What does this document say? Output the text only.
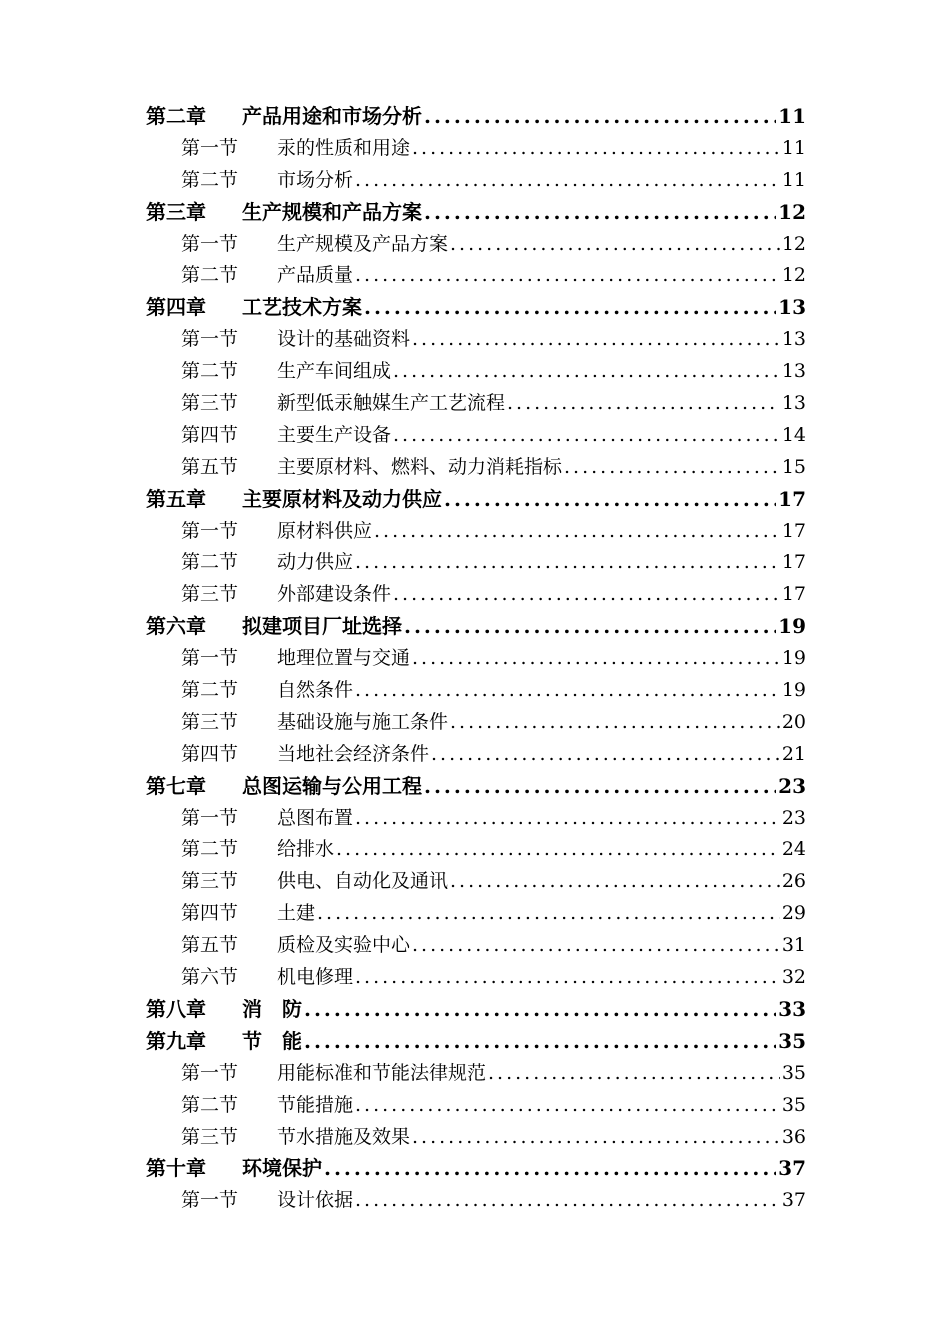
第二章	产品用途和市场分析 .....	11
第一节	汞的性质和用途 .....	11
第二节	市场分析 .....	11
第三章	生产规模和产品方案 .....	12
第一节	生产规模及产品方案 .....	12
第二节	产品质量 .....	12
第四章	工艺技术方案 .....	13
第一节	设计的基础资料 .....	13
第二节	生产车间组成 .....	13
第三节	新型低汞触媒生产工艺流程 .....	13
第四节	主要生产设备 .....	14
第五节	主要原材料、燃料、动力消耗指标 .....	15
第五章	主要原材料及动力供应 .....	17
第一节	原材料供应 .....	17
第二节	动力供应 .....	17
第三节	外部建设条件 .....	17
第六章	拟建项目厂址选择 .....	19
第一节	地理位置与交通 .....	19
第二节	自然条件 .....	19
第三节	基础设施与施工条件 .....	20
第四节	当地社会经济条件 .....	21
第七章	总图运输与公用工程 .....	23
第一节	总图布置 .....	23
第二节	给排水 .....	24
第三节	供电、自动化及通讯 .....	26
第四节	土建 .....	29
第五节	质检及实验中心 .....	31
第六节	机电修理 .....	32
第八章	消　防 .....	33
第九章	节　能 .....	35
第一节	用能标准和节能法律规范 .....	35
第二节	节能措施 .....	35
第三节	节水措施及效果 .....	36
第十章	环境保护 .....	37
第一节	设计依据 .....	37
